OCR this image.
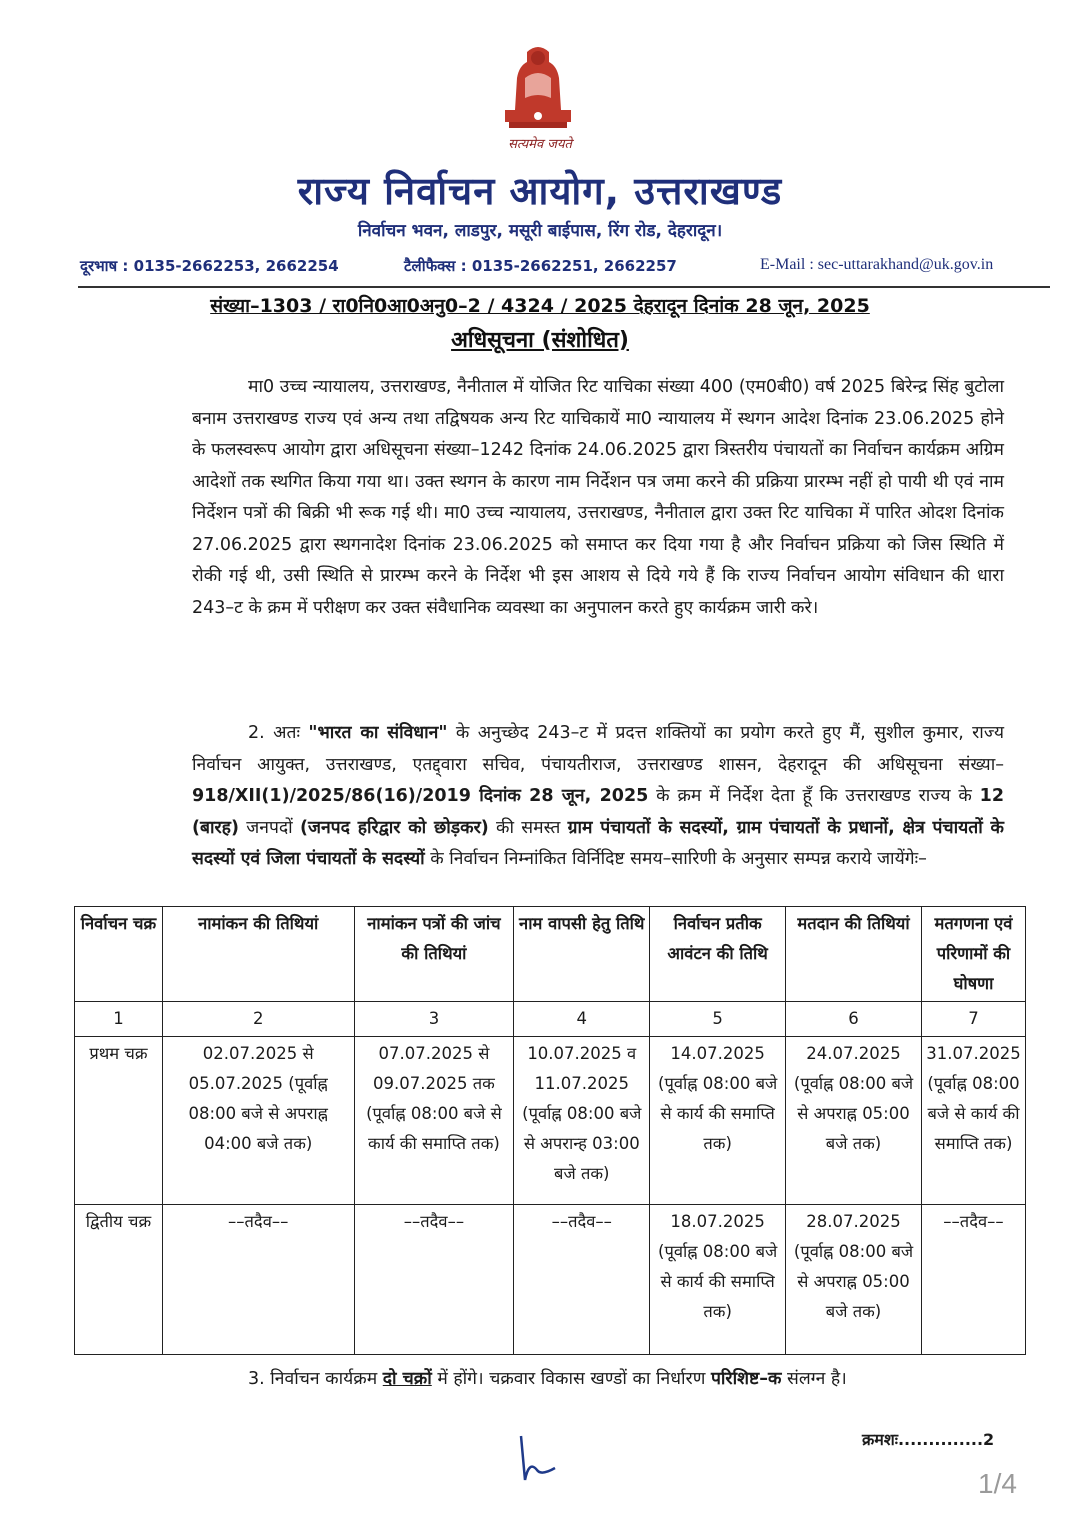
सत्यमेव जयते
राज्य निर्वाचन आयोग, उत्तराखण्ड
निर्वाचन भवन, लाडपुर, मसूरी बाईपास, रिंग रोड, देहरादून।
दूरभाष : 0135-2662253, 2662254	टैलीफैक्स : 0135-2662251, 2662257	E-Mail : sec-uttarakhand@uk.gov.in
संख्या–1303 / रा0नि0आ0अनु0–2 / 4324 / 2025 देहरादून दिनांक 28 जून, 2025
अधिसूचना (संशोधित)
मा0 उच्च न्यायालय, उत्तराखण्ड, नैनीताल में योजित रिट याचिका संख्या 400 (एम0बी0) वर्ष 2025 बिरेन्द्र सिंह बुटोला बनाम उत्तराखण्ड राज्य एवं अन्य तथा तद्विषयक अन्य रिट याचिकायें मा0 न्यायालय में स्थगन आदेश दिनांक 23.06.2025 होने के फलस्वरूप आयोग द्वारा अधिसूचना संख्या–1242 दिनांक 24.06.2025 द्वारा त्रिस्तरीय पंचायतों का निर्वाचन कार्यक्रम अग्रिम आदेशों तक स्थगित किया गया था। उक्त स्थगन के कारण नाम निर्देशन पत्र जमा करने की प्रक्रिया प्रारम्भ नहीं हो पायी थी एवं नाम निर्देशन पत्रों की बिक्री भी रूक गई थी। मा0 उच्च न्यायालय, उत्तराखण्ड, नैनीताल द्वारा उक्त रिट याचिका में पारित ओदश दिनांक 27.06.2025 द्वारा स्थगनादेश दिनांक 23.06.2025 को समाप्त कर दिया गया है और निर्वाचन प्रक्रिया को जिस स्थिति में रोकी गई थी, उसी स्थिति से प्रारम्भ करने के निर्देश भी इस आशय से दिये गये हैं कि राज्य निर्वाचन आयोग संविधान की धारा 243–ट के क्रम में परीक्षण कर उक्त संवैधानिक व्यवस्था का अनुपालन करते हुए कार्यक्रम जारी करे।
2. अतः "भारत का संविधान" के अनुच्छेद 243–ट में प्रदत्त शक्तियों का प्रयोग करते हुए मैं, सुशील कुमार, राज्य निर्वाचन आयुक्त, उत्तराखण्ड, एतद्द्वारा सचिव, पंचायतीराज, उत्तराखण्ड शासन, देहरादून की अधिसूचना संख्या–918/XII(1)/2025/86(16)/2019 दिनांक 28 जून, 2025 के क्रम में निर्देश देता हूँ कि उत्तराखण्ड राज्य के 12 (बारह) जनपदों (जनपद हरिद्वार को छोड़कर) की समस्त ग्राम पंचायतों के सदस्यों, ग्राम पंचायतों के प्रधानों, क्षेत्र पंचायतों के सदस्यों एवं जिला पंचायतों के सदस्यों के निर्वाचन निम्नांकित विर्निदिष्ट समय–सारिणी के अनुसार सम्पन्न कराये जायेंगेः–
निर्वाचन चक्र	नामांकन की तिथियां	नामांकन पत्रों की जांच की तिथियां	नाम वापसी हेतु तिथि	निर्वाचन प्रतीक आवंटन की तिथि	मतदान की तिथियां	मतगणना एवं परिणामों की घोषणा
1	2	3	4	5	6	7
प्रथम चक्र	02.07.2025 से 05.07.2025 (पूर्वाह्न 08:00 बजे से अपराह्न 04:00 बजे तक)	07.07.2025 से 09.07.2025 तक (पूर्वाह्न 08:00 बजे से कार्य की समाप्ति तक)	10.07.2025 व 11.07.2025 (पूर्वाह्न 08:00 बजे से अपरान्ह 03:00 बजे तक)	14.07.2025 (पूर्वाह्न 08:00 बजे से कार्य की समाप्ति तक)	24.07.2025 (पूर्वाह्न 08:00 बजे से अपराह्न 05:00 बजे तक)	31.07.2025 (पूर्वाह्न 08:00 बजे से कार्य की समाप्ति तक)
द्वितीय चक्र	––तदैव––	––तदैव––	––तदैव––	18.07.2025 (पूर्वाह्न 08:00 बजे से कार्य की समाप्ति तक)	28.07.2025 (पूर्वाह्न 08:00 बजे से अपराह्न 05:00 बजे तक)	––तदैव––
3. निर्वाचन कार्यक्रम दो चक्रों में होंगे। चक्रवार विकास खण्डों का निर्धारण परिशिष्ट–क संलग्न है।
क्रमशः..............2
1/4
